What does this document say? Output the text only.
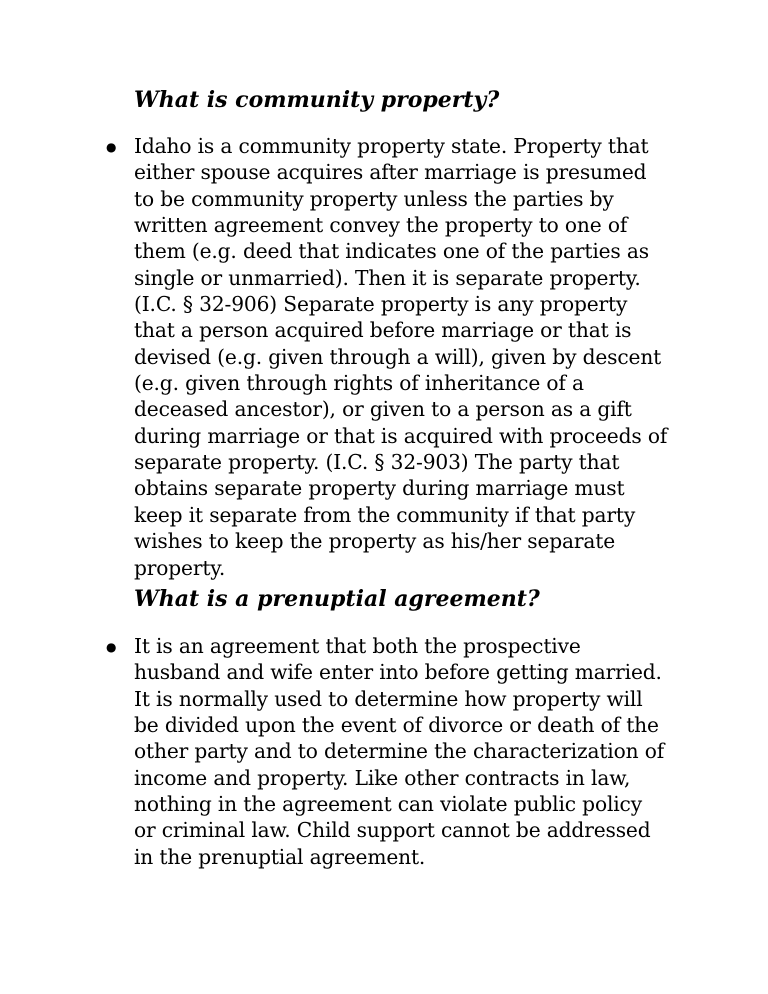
What is community property?
● Idaho is a community property state. Property that
either spouse acquires after marriage is presumed
to be community property unless the parties by
written agreement convey the property to one of
them (e.g. deed that indicates one of the parties as
single or unmarried). Then it is separate property.
(I.C. § 32-906) Separate property is any property
that a person acquired before marriage or that is
devised (e.g. given through a will), given by descent
(e.g. given through rights of inheritance of a
deceased ancestor), or given to a person as a gift
during marriage or that is acquired with proceeds of
separate property. (I.C. § 32-903) The party that
obtains separate property during marriage must
keep it separate from the community if that party
wishes to keep the property as his/her separate
property.

What is a prenuptial agreement?
● It is an agreement that both the prospective
husband and wife enter into before getting married.
It is normally used to determine how property will
be divided upon the event of divorce or death of the
other party and to determine the characterization of
income and property. Like other contracts in law,
nothing in the agreement can violate public policy
or criminal law. Child support cannot be addressed
in the prenuptial agreement.
